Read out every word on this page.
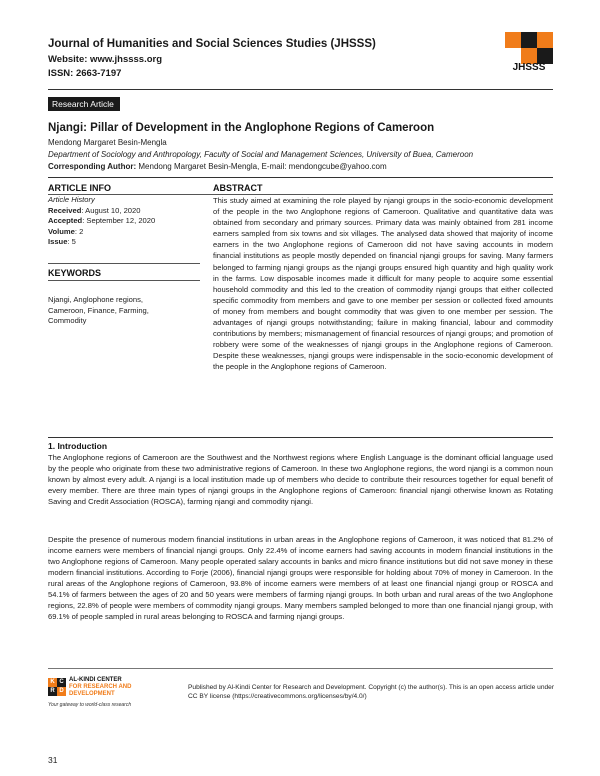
Journal of Humanities and Social Sciences Studies (JHSSS)
Website: www.jhssss.org
ISSN: 2663-7197
JHSSS
Research Article
Njangi: Pillar of Development in the Anglophone Regions of Cameroon
Mendong Margaret Besin-Mengla
Department of Sociology and Anthropology, Faculty of Social and Management Sciences, University of Buea, Cameroon
Corresponding Author: Mendong Margaret Besin-Mengla, E-mail: mendongcube@yahoo.com
ARTICLE INFO	ABSTRACT
Article History
Received: August 10, 2020
Accepted: September 12, 2020
Volume: 2
Issue: 5
KEYWORDS
Njangi, Anglophone regions, Cameroon, Finance, Farming, Commodity
This study aimed at examining the role played by njangi groups in the socio-economic development of the people in the two Anglophone regions of Cameroon. Qualitative and quantitative data was obtained from secondary and primary sources. Primary data was mainly obtained from 281 income earners sampled from six towns and six villages. The analysed data showed that majority of income earners in the two Anglophone regions of Cameroon did not have saving accounts in modern financial institutions as people mostly depended on financial njangi groups for saving. Many farmers belonged to farming njangi groups as the njangi groups ensured high quantity and high quality work in the farms. Low disposable incomes made it difficult for many people to acquire some essential household commodity and this led to the creation of commodity njangi groups that either collected specific commodity from members and gave to one member per session or collected fixed amounts of money from members and bought commodity that was given to one member per session. The advantages of njangi groups notwithstanding; failure in making financial, labour and commodity contributions by members; mismanagement of financial resources of njangi groups; and promotion of robbery were some of the weaknesses of njangi groups in the Anglophone regions of Cameroon. Despite these weaknesses, njangi groups were indispensable in the socio-economic development of the people in the Anglophone regions of Cameroon.
1. Introduction
The Anglophone regions of Cameroon are the Southwest and the Northwest regions where English Language is the dominant official language used by the people who originate from these two administrative regions of Cameroon. In these two Anglophone regions, the word njangi is a common noun known by almost every adult. A njangi is a local institution made up of members who decide to contribute their resources together for equal benefit of every member. There are three main types of njangi groups in the Anglophone regions of Cameroon: financial njangi otherwise known as Rotating Saving and Credit Association (ROSCA), farming njangi and commodity njangi.
Despite the presence of numerous modern financial institutions in urban areas in the Anglophone regions of Cameroon, it was noticed that 81.2% of income earners were members of financial njangi groups. Only 22.4% of income earners had saving accounts in modern financial institutions in the two Anglophone regions of Cameroon. Many people operated salary accounts in banks and micro finance institutions but did not save money in these modern financial institutions. According to Forje (2006), financial njangi groups were responsible for holding about 70% of money in Cameroon. In the rural areas of the Anglophone regions of Cameroon, 93.8% of income earners were members of at least one financial njangi group or ROSCA and 54.1% of farmers between the ages of 20 and 50 years were members of farming njangi groups. In both urban and rural areas of the two Anglophone regions, 22.8% of people were members of commodity njangi groups. Many members sampled belonged to more than one financial njangi group, with 69.1% of people sampled in rural areas belonging to ROSCA and farming njangi groups.
K C
R D
AL-KINDI CENTER
FOR RESEARCH AND
DEVELOPMENT
Your gateway to world-class research
Published by Al-Kindi Center for Research and Development. Copyright (c) the author(s). This is an open access article under CC BY license (https://creativecommons.org/licenses/by/4.0/)
31
